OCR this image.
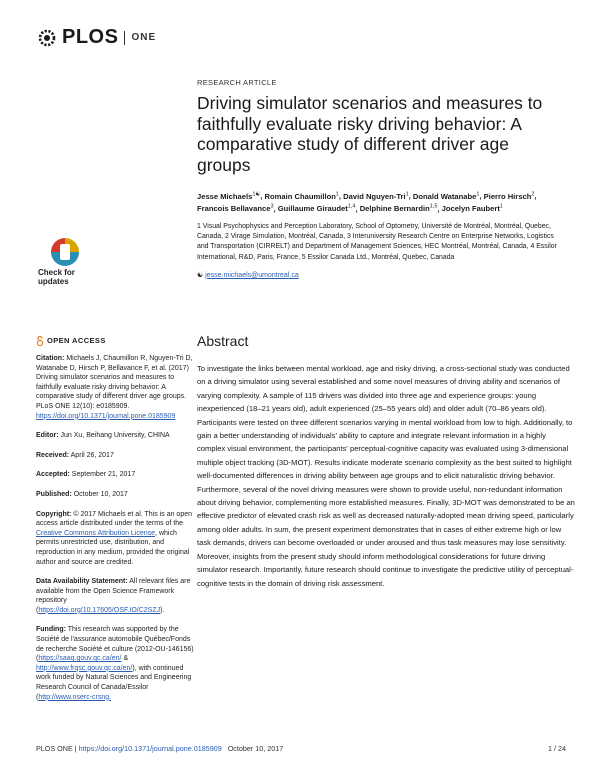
PLOS ONE
Check for
updates
OPEN ACCESS

Citation: Michaels J, Chaumillon R, Nguyen-Tri D, Watanabe D, Hirsch P, Bellavance F, et al. (2017) Driving simulator scenarios and measures to faithfully evaluate risky driving behavior: A comparative study of different driver age groups. PLoS ONE 12(10): e0185909. https://doi.org/10.1371/journal.pone.0185909

Editor: Jun Xu, Beihang University, CHINA

Received: April 26, 2017

Accepted: September 21, 2017

Published: October 10, 2017

Copyright: © 2017 Michaels et al. This is an open access article distributed under the terms of the Creative Commons Attribution License, which permits unrestricted use, distribution, and reproduction in any medium, provided the original author and source are credited.

Data Availability Statement: All relevant files are available from the Open Science Framework repository (https://doi.org/10.17605/OSF.IO/C2SZJ).

Funding: This research was supported by the Société de l'assurance automobile Québec/Fonds de recherche Société et culture (2012-OU-146156) (https://saaq.gouv.qc.ca/en/ & http://www.frqsc.gouv.qc.ca/en/), with continued work funded by Natural Sciences and Engineering Research Council of Canada/Essilor (http://www.nserc-crsng.

RESEARCH ARTICLE
Driving simulator scenarios and measures to faithfully evaluate risky driving behavior: A comparative study of different driver age groups
Jesse Michaels$^{1☯}$, Romain Chaumillon$^1$, David Nguyen-Tri$^1$, Donald Watanabe$^1$, Pierro Hirsch$^2$, Francois Bellavance$^3$, Guillaume Giraudet$^{1,4}$, Delphine Bernardin$^{1,5}$, Jocelyn Faubert$^1$
1 Visual Psychophysics and Perception Laboratory, School of Optometry, Université de Montréal, Montréal, Quebec, Canada, 2 Virage Simulation, Montréal, Canada, 3 Interuniversity Research Centre on Enterprise Networks, Logistics and Transportation (CIRRELT) and Department of Management Sciences, HEC Montréal, Montréal, Canada, 4 Essilor International, R&D, Paris, France, 5 Essilor Canada Ltd., Montréal, Quebec, Canada
☯ jesse.michaels@umontreal.ca
Abstract
To investigate the links between mental workload, age and risky driving, a cross-sectional study was conducted on a driving simulator using several established and some novel measures of driving ability and scenarios of varying complexity. A sample of 115 drivers was divided into three age and experience groups: young inexperienced (18–21 years old), adult experienced (25–55 years old) and older adult (70–86 years old). Participants were tested on three different scenarios varying in mental workload from low to high. Additionally, to gain a better understanding of individuals' ability to capture and integrate relevant information in a highly complex visual environment, the participants' perceptual-cognitive capacity was evaluated using 3-dimensional multiple object tracking (3D-MOT). Results indicate moderate scenario complexity as the best suited to highlight well-documented differences in driving ability between age groups and to elicit naturalistic driving behavior. Furthermore, several of the novel driving measures were shown to provide useful, non-redundant information about driving behavior, complementing more established measures. Finally, 3D-MOT was demonstrated to be an effective predictor of elevated crash risk as well as decreased naturally-adopted mean driving speed, particularly among older adults. In sum, the present experiment demonstrates that in cases of either extreme high or low task demands, drivers can become overloaded or under aroused and thus task measures may lose sensitivity. Moreover, insights from the present study should inform methodological considerations for future driving simulator research. Importantly, future research should continue to investigate the predictive utility of perceptual-cognitive tests in the domain of driving risk assessment.
PLOS ONE | https://doi.org/10.1371/journal.pone.0185909 October 10, 2017	1 / 24
